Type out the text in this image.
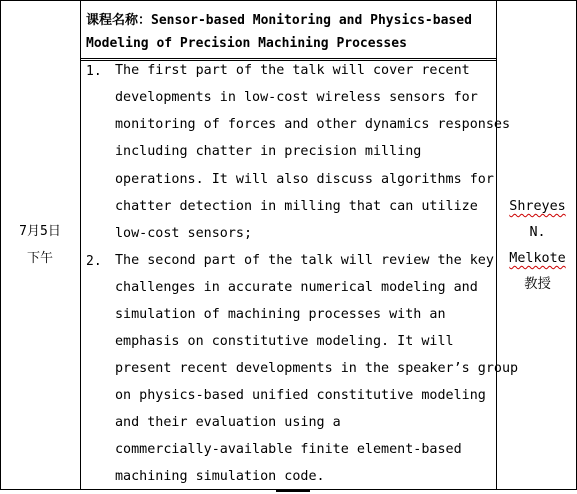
课程名称：Sensor-based Monitoring and Physics-based
Modeling of Precision Machining Processes
7月5日
下午
1. The first part of the talk will cover recent
developments in low-cost wireless sensors for
monitoring of forces and other dynamics responses
including chatter in precision milling
operations. It will also discuss algorithms for
chatter detection in milling that can utilize
low-cost sensors;
2. The second part of the talk will review the key
challenges in accurate numerical modeling and
simulation of machining processes with an
emphasis on constitutive modeling. It will
present recent developments in the speaker’s group
on physics-based unified constitutive modeling
and their evaluation using a
commercially-available finite element-based
machining simulation code.
Shreyes
N.
Melkote
教授
